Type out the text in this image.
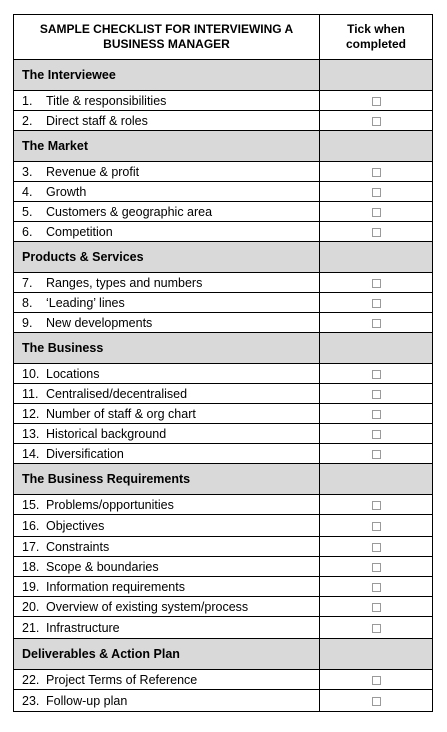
SAMPLE CHECKLIST FOR INTERVIEWING A BUSINESS MANAGER	Tick when completed
The Interviewee	
1. Title & responsibilities	
2. Direct staff & roles	
The Market	
3. Revenue & profit	
4. Growth	
5. Customers & geographic area	
6. Competition	
Products & Services	
7. Ranges, types and numbers	
8. ‘Leading’ lines	
9. New developments	
The Business	
10. Locations	
11. Centralised/decentralised	
12. Number of staff & org chart	
13. Historical background	
14. Diversification	
The Business Requirements	
15. Problems/opportunities	
16. Objectives	
17. Constraints	
18. Scope & boundaries	
19. Information requirements	
20. Overview of existing system/process	
21. Infrastructure	
Deliverables & Action Plan	
22. Project Terms of Reference	
23. Follow-up plan	
